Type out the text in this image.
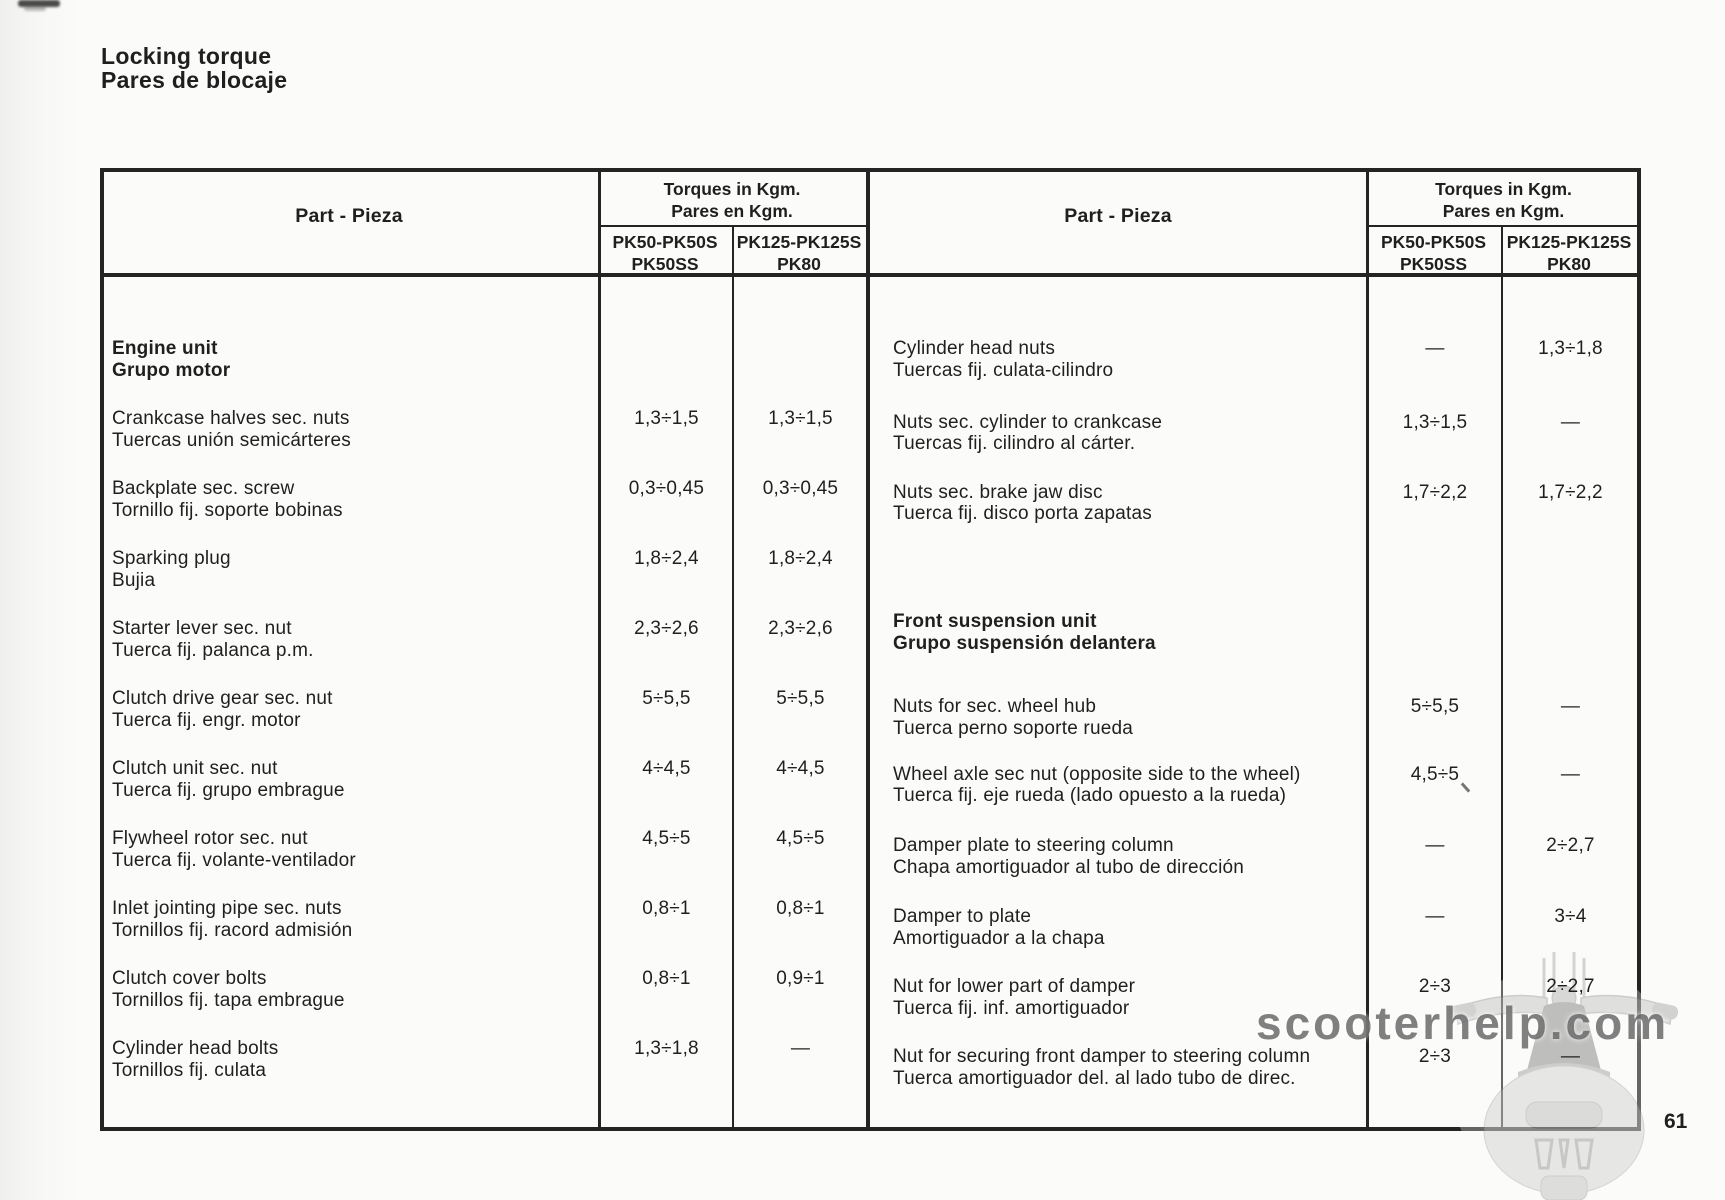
Locking torque
Pares de blocaje
Part - Pieza
Torques in Kgm.
Pares en Kgm.
PK50-PK50S
PK50SS
PK125-PK125S
PK80
Part - Pieza
Torques in Kgm.
Pares en Kgm.
PK50-PK50S
PK50SS
PK125-PK125S
PK80
scooterhelp.com
61
Engine unit
Grupo motor
Crankcase halves sec. nuts
Tuercas unión semicárteres
1,3÷1,5	1,3÷1,5
Backplate sec. screw
Tornillo fij. soporte bobinas
0,3÷0,45	0,3÷0,45
Sparking plug
Bujia
1,8÷2,4	1,8÷2,4
Starter lever sec. nut
Tuerca fij. palanca p.m.
2,3÷2,6	2,3÷2,6
Clutch drive gear sec. nut
Tuerca fij. engr. motor
5÷5,5	5÷5,5
Clutch unit sec. nut
Tuerca fij. grupo embrague
4÷4,5	4÷4,5
Flywheel rotor sec. nut
Tuerca fij. volante-ventilador
4,5÷5	4,5÷5
Inlet jointing pipe sec. nuts
Tornillos fij. racord admisión
0,8÷1	0,8÷1
Clutch cover bolts
Tornillos fij. tapa embrague
0,8÷1	0,9÷1
Cylinder head bolts
Tornillos fij. culata
1,3÷1,8	—
Cylinder head nuts
Tuercas fij. culata-cilindro
—	1,3÷1,8
Nuts sec. cylinder to crankcase
Tuercas fij. cilindro al cárter.
1,3÷1,5	—
Nuts sec. brake jaw disc
Tuerca fij. disco porta zapatas
1,7÷2,2	1,7÷2,2
Front suspension unit
Grupo suspensión delantera
Nuts for sec. wheel hub
Tuerca perno soporte rueda
5÷5,5	—
Wheel axle sec nut (opposite side to the wheel)
Tuerca fij. eje rueda (lado opuesto a la rueda)
4,5÷5	—
Damper plate to steering column
Chapa amortiguador al tubo de dirección
—	2÷2,7
Damper to plate
Amortiguador a la chapa
—	3÷4
Nut for lower part of damper
Tuerca fij. inf. amortiguador
2÷3	2÷2,7
Nut for securing front damper to steering column
Tuerca amortiguador del. al lado tubo de direc.
2÷3	—
